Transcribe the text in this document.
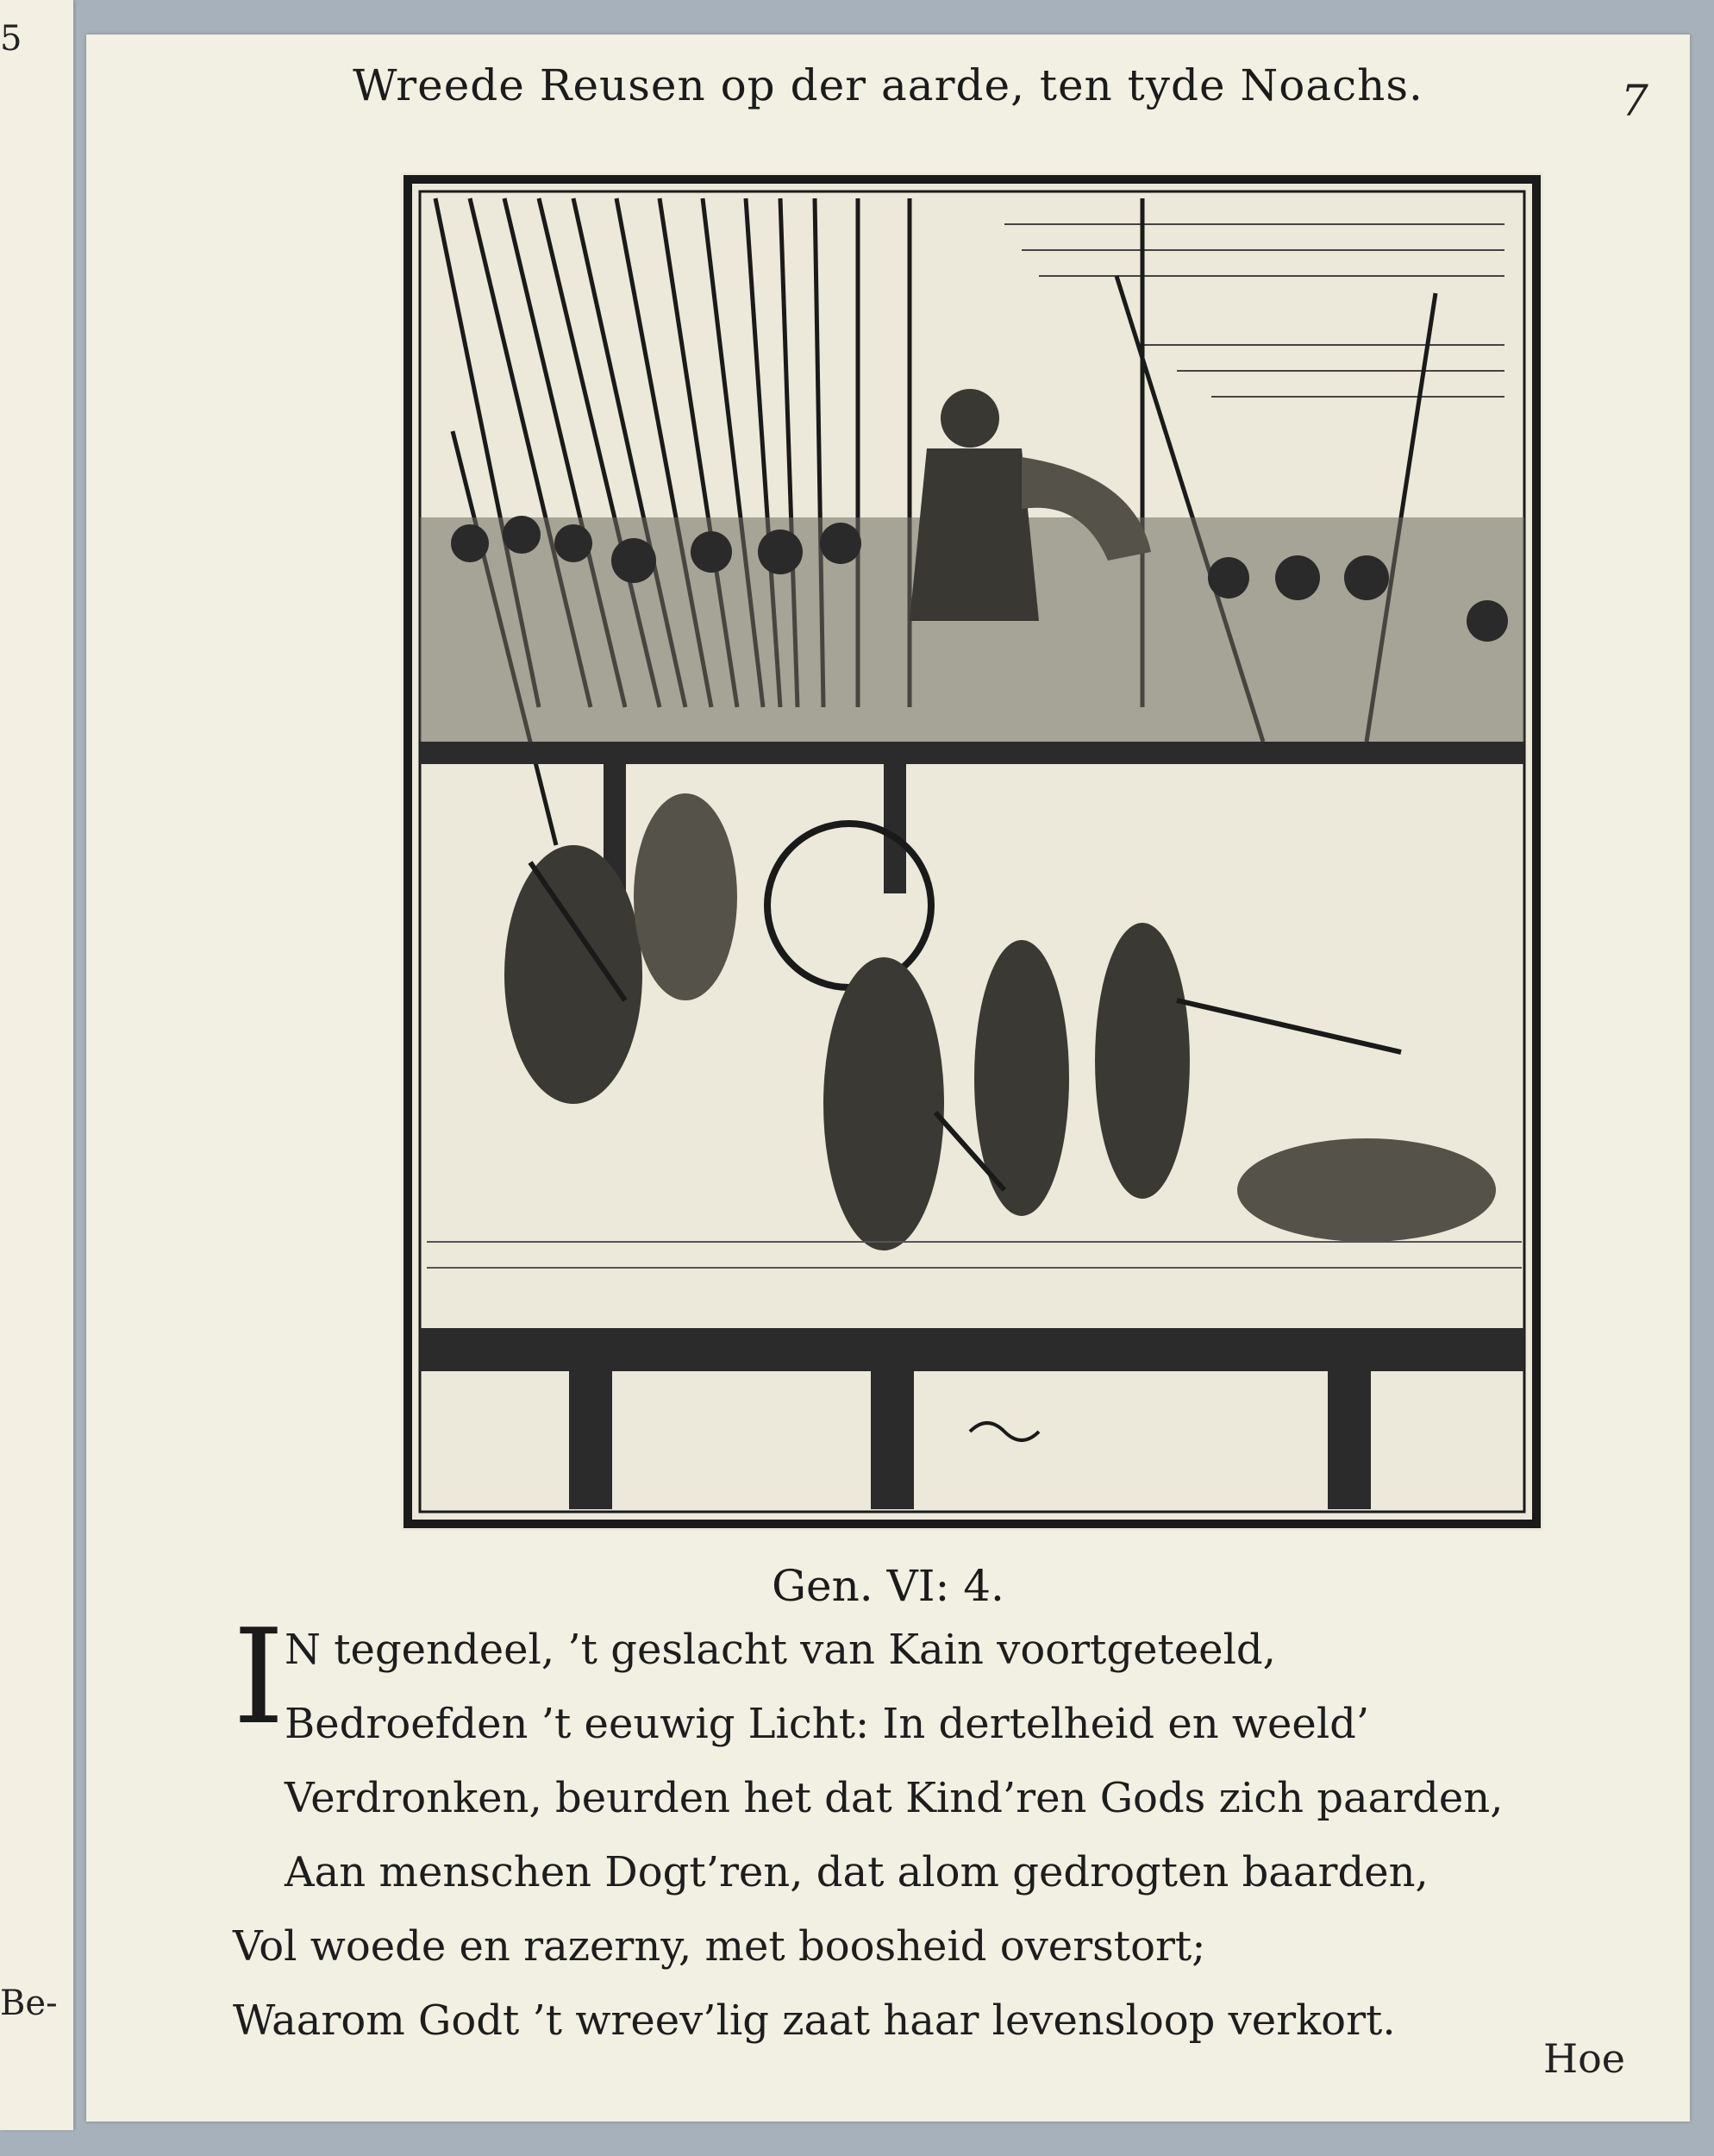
5
Be-
Wreede Reusen op der aarde, ten tyde Noachs.	7
Gen. VI: 4.
I N tegendeel, ’t geslacht van Kain voortgeteeld,
Bedroefden ’t eeuwig Licht: In dertelheid en weeld’
Verdronken, beurden het dat Kind’ren Gods zich paarden,
Aan menschen Dogt’ren, dat alom gedrogten baarden,
Vol woede en razerny, met boosheid overstort;
Waarom Godt ’t wreev’lig zaat haar levensloop verkort.
Hoe
